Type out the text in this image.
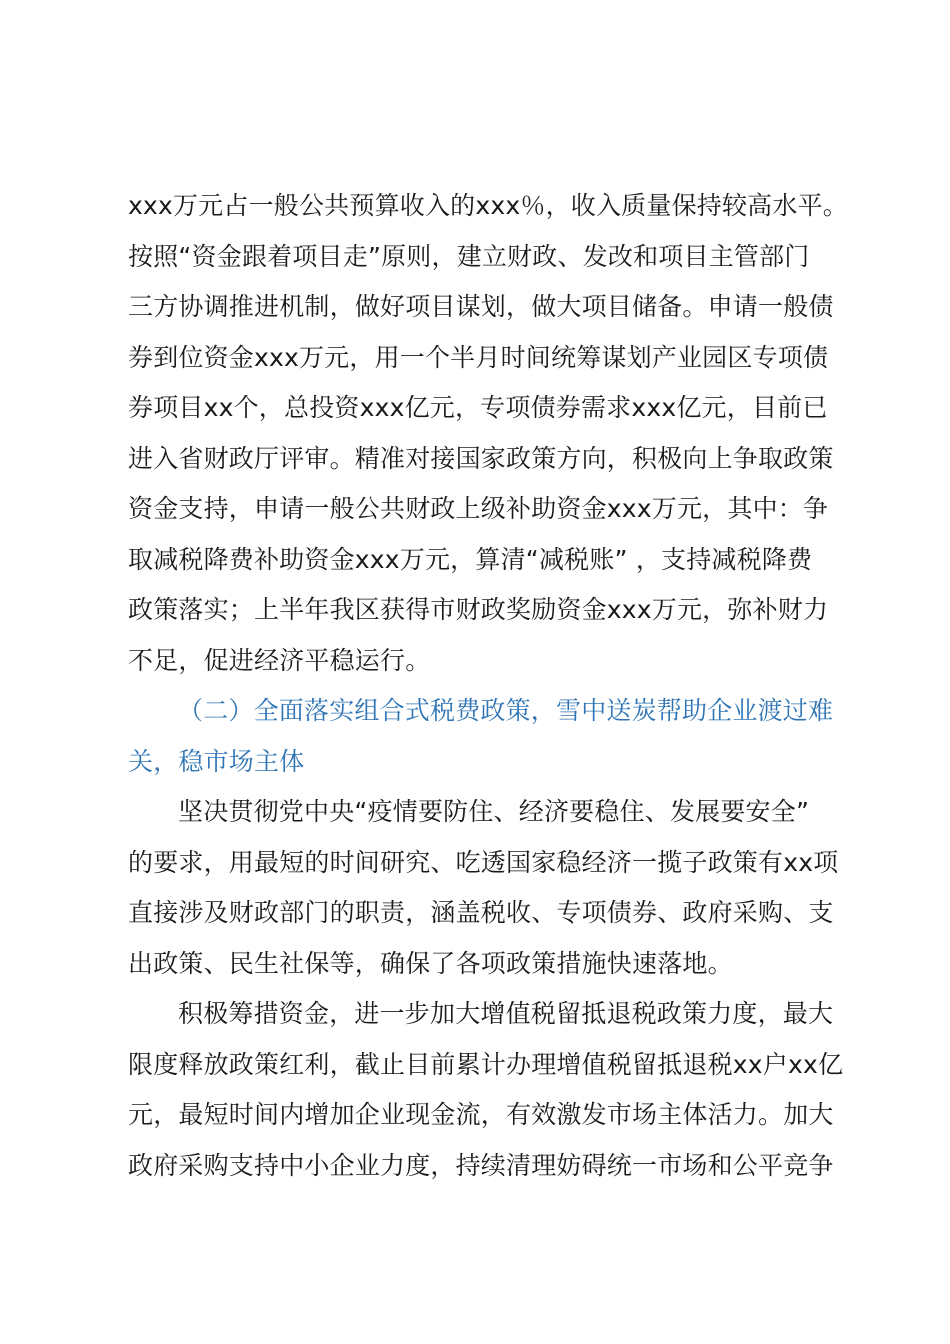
xxx万元占一般公共预算收入的xxx％，收入质量保持较高水平。
按照“资金跟着项目走”原则，建立财政、发改和项目主管部门
三方协调推进机制，做好项目谋划，做大项目储备。申请一般债
券到位资金xxx万元，用一个半月时间统筹谋划产业园区专项债
券项目xx个，总投资xxx亿元，专项债券需求xxx亿元，目前已
进入省财政厅评审。精准对接国家政策方向，积极向上争取政策
资金支持，申请一般公共财政上级补助资金xxx万元，其中：争
取减税降费补助资金xxx万元，算清“减税账” ，支持减税降费
政策落实；上半年我区获得市财政奖励资金xxx万元，弥补财力
不足，促进经济平稳运行。
（二）全面落实组合式税费政策，雪中送炭帮助企业渡过难
关，稳市场主体
坚决贯彻党中央“疫情要防住、经济要稳住、发展要安全”
的要求，用最短的时间研究、吃透国家稳经济一揽子政策有xx项
直接涉及财政部门的职责，涵盖税收、专项债券、政府采购、支
出政策、民生社保等，确保了各项政策措施快速落地。
积极筹措资金，进一步加大增值税留抵退税政策力度，最大
限度释放政策红利，截止目前累计办理增值税留抵退税xx户xx亿
元，最短时间内增加企业现金流，有效激发市场主体活力。加大
政府采购支持中小企业力度，持续清理妨碍统一市场和公平竞争
